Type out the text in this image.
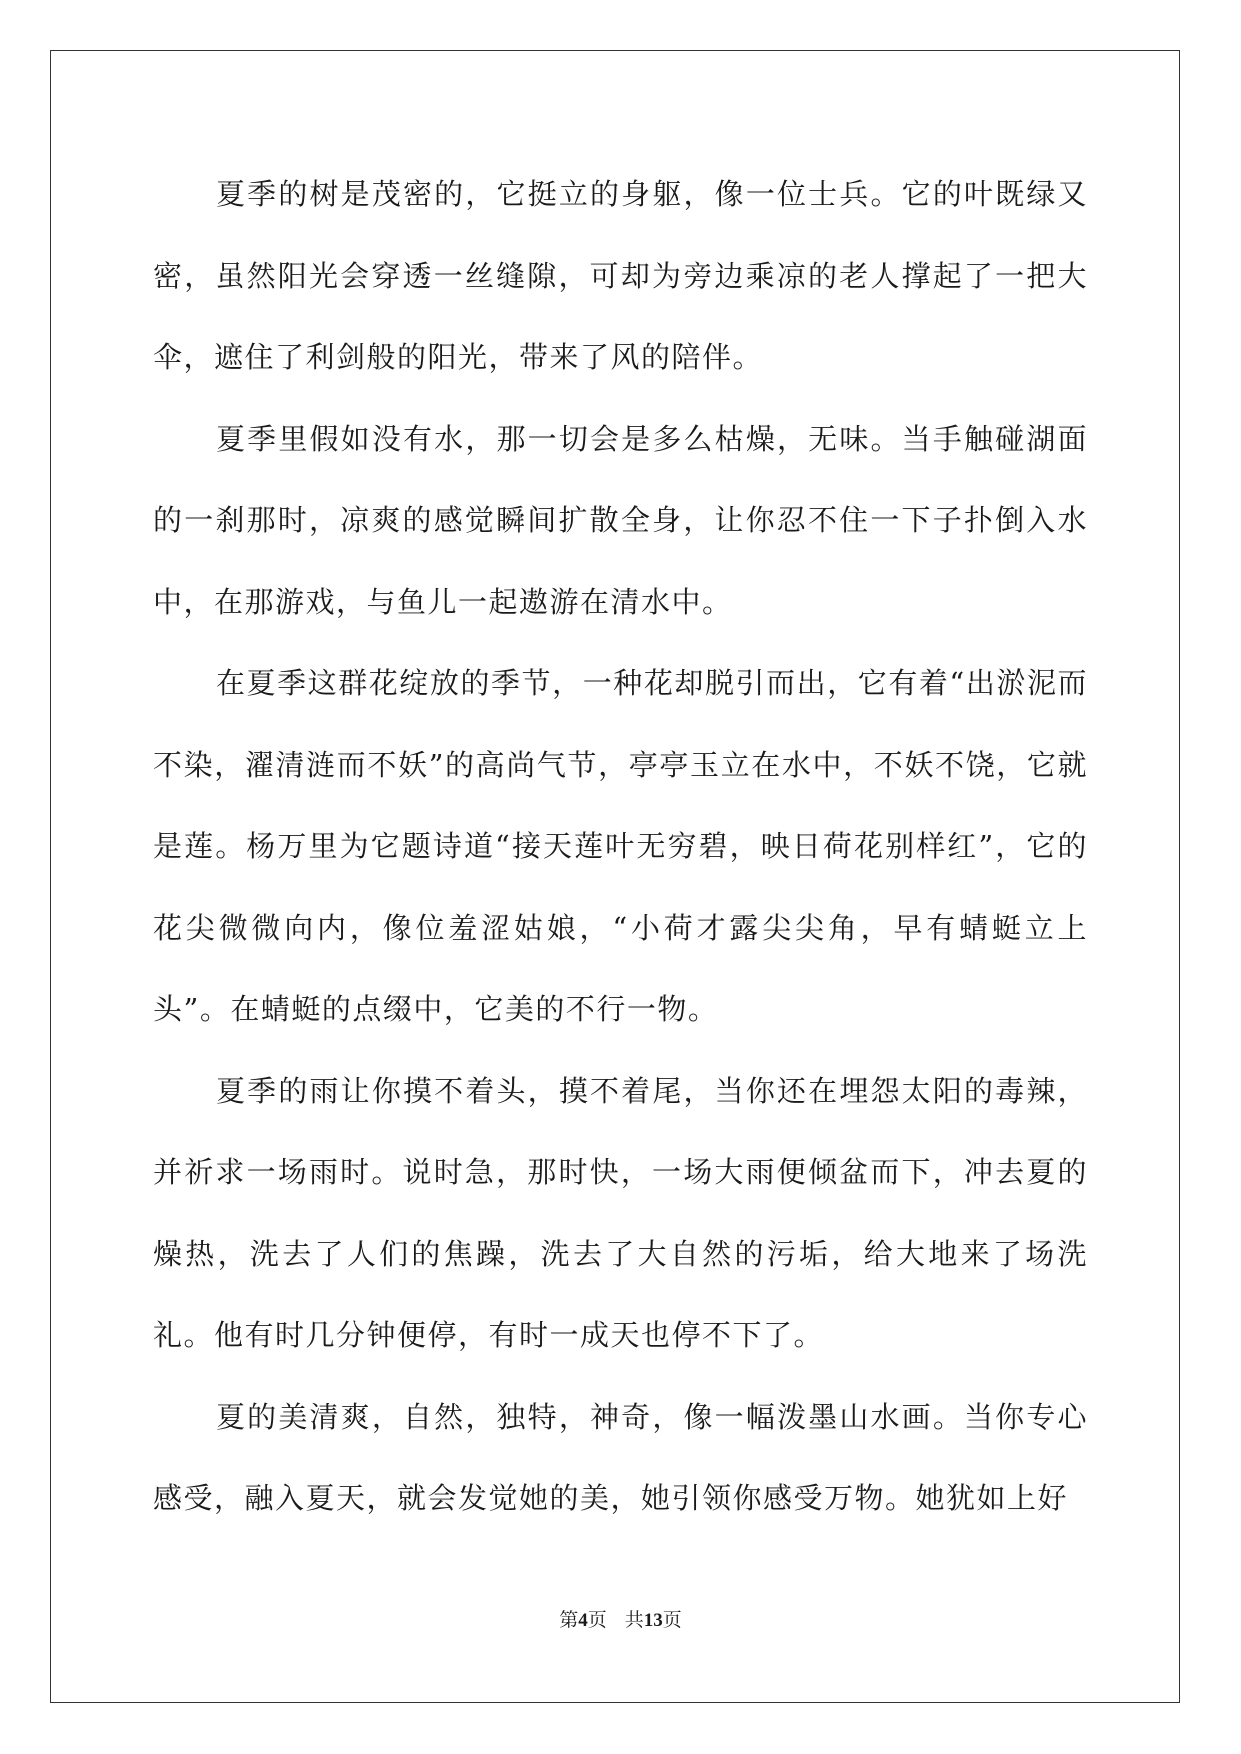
夏季的树是茂密的，它挺立的身躯，像一位士兵。它的叶既绿又密，虽然阳光会穿透一丝缝隙，可却为旁边乘凉的老人撑起了一把大伞，遮住了利剑般的阳光，带来了风的陪伴。

夏季里假如没有水，那一切会是多么枯燥，无味。当手触碰湖面的一刹那时，凉爽的感觉瞬间扩散全身，让你忍不住一下子扑倒入水中，在那游戏，与鱼儿一起遨游在清水中。

在夏季这群花绽放的季节，一种花却脱引而出，它有着“出淤泥而不染，濯清涟而不妖”的高尚气节，亭亭玉立在水中，不妖不饶，它就是莲。杨万里为它题诗道“接天莲叶无穷碧，映日荷花别样红”，它的花尖微微向内，像位羞涩姑娘，“小荷才露尖尖角，早有蜻蜓立上头”。在蜻蜓的点缀中，它美的不行一物。

夏季的雨让你摸不着头，摸不着尾，当你还在埋怨太阳的毒辣，并祈求一场雨时。说时急，那时快，一场大雨便倾盆而下，冲去夏的燥热，洗去了人们的焦躁，洗去了大自然的污垢，给大地来了场洗礼。他有时几分钟便停，有时一成天也停不下了。

夏的美清爽，自然，独特，神奇，像一幅泼墨山水画。当你专心感受，融入夏天，就会发觉她的美，她引领你感受万物。她犹如上好

第4页 共13页
